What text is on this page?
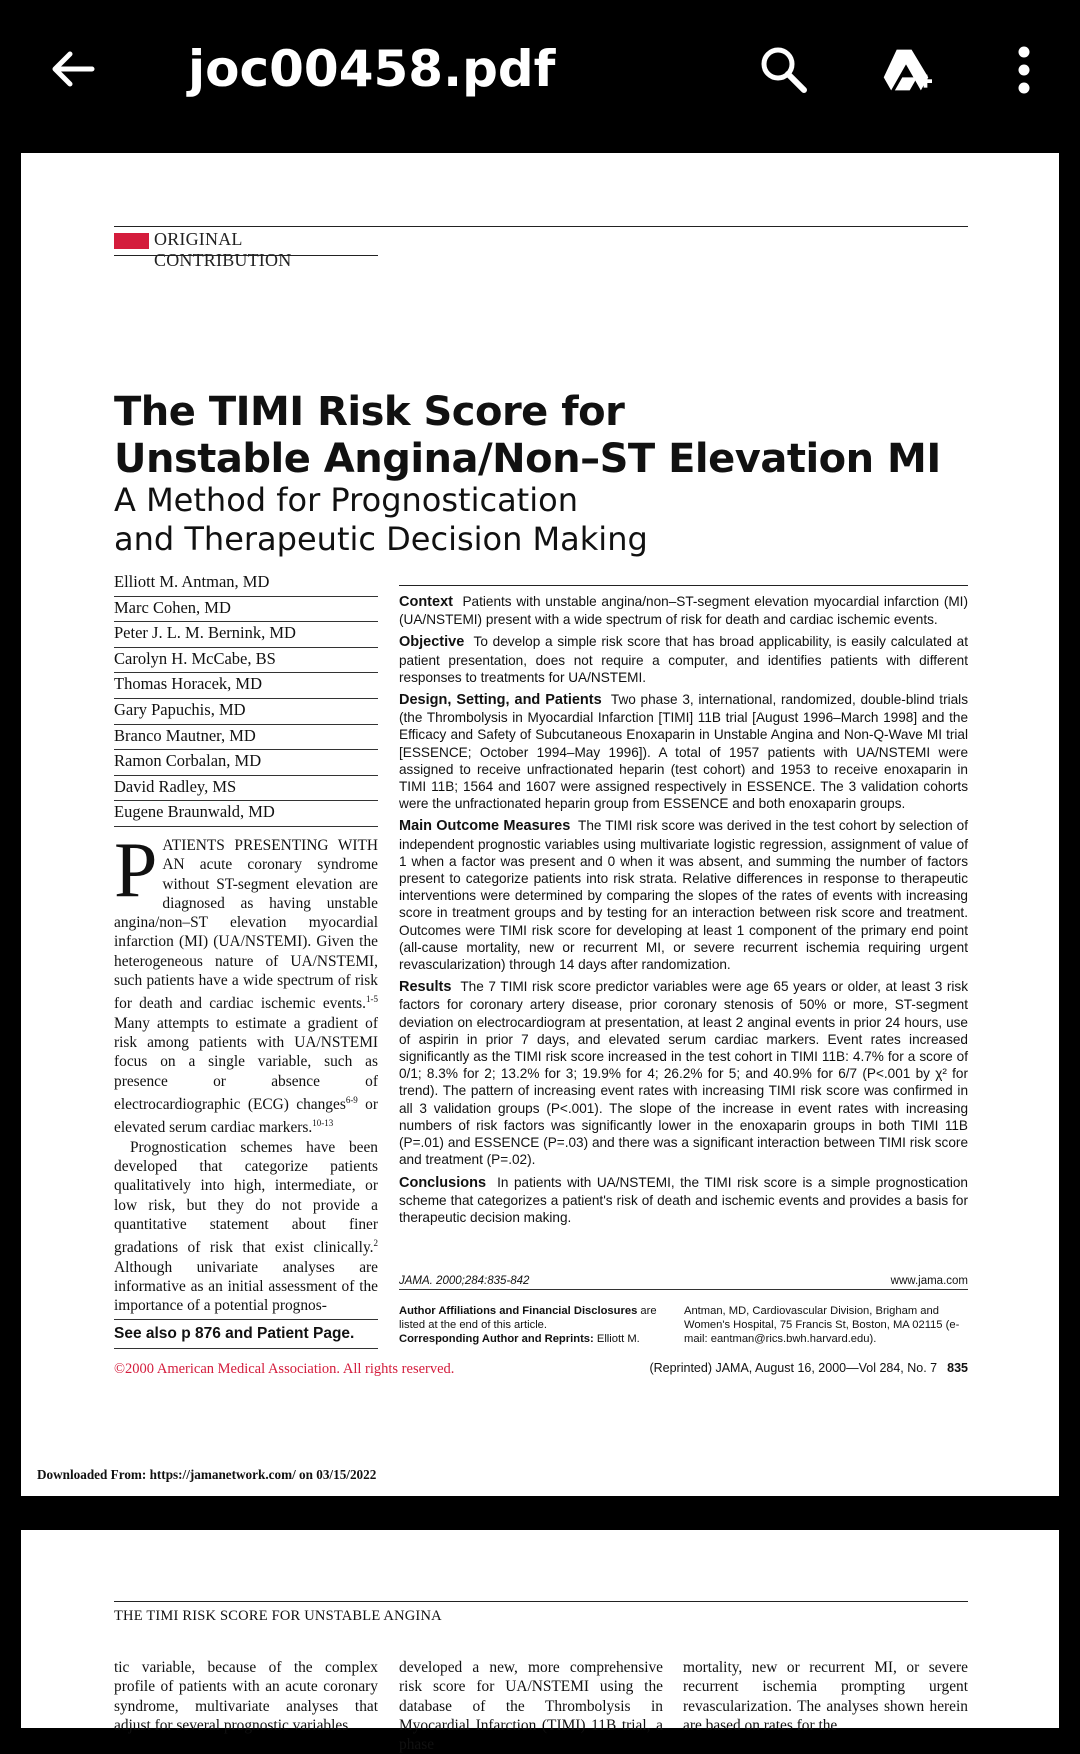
joc00458.pdf
ORIGINAL CONTRIBUTION
The TIMI Risk Score for
Unstable Angina/Non–ST Elevation MI
A Method for Prognostication
and Therapeutic Decision Making
Elliott M. Antman, MD
Marc Cohen, MD
Peter J. L. M. Bernink, MD
Carolyn H. McCabe, BS
Thomas Horacek, MD
Gary Papuchis, MD
Branco Mautner, MD
Ramon Corbalan, MD
David Radley, MS
Eugene Braunwald, MD

PATIENTS PRESENTING WITH AN acute coronary syndrome without ST-segment elevation are diagnosed as having unstable angina/non–ST elevation myocardial infarction (MI) (UA/NSTEMI). Given the heterogeneous nature of UA/NSTEMI, such patients have a wide spectrum of risk for death and cardiac ischemic events.$^{1-5}$ Many attempts to estimate a gradient of risk among patients with UA/NSTEMI focus on a single variable, such as presence or absence of electrocardiographic (ECG) changes$^{6-9}$ or elevated serum cardiac markers.$^{10-13}$

Prognostication schemes have been developed that categorize patients qualitatively into high, intermediate, or low risk, but they do not provide a quantitative statement about finer gradations of risk that exist clinically.$^2$ Although univariate analyses are informative as an initial assessment of the importance of a potential prognos-

See also p 876 and Patient Page.

Context Patients with unstable angina/non–ST-segment elevation myocardial infarction (MI) (UA/NSTEMI) present with a wide spectrum of risk for death and cardiac ischemic events.

Objective To develop a simple risk score that has broad applicability, is easily calculated at patient presentation, does not require a computer, and identifies patients with different responses to treatments for UA/NSTEMI.

Design, Setting, and Patients Two phase 3, international, randomized, double-blind trials (the Thrombolysis in Myocardial Infarction [TIMI] 11B trial [August 1996–March 1998] and the Efficacy and Safety of Subcutaneous Enoxaparin in Unstable Angina and Non-Q-Wave MI trial [ESSENCE; October 1994–May 1996]). A total of 1957 patients with UA/NSTEMI were assigned to receive unfractionated heparin (test cohort) and 1953 to receive enoxaparin in TIMI 11B; 1564 and 1607 were assigned respectively in ESSENCE. The 3 validation cohorts were the unfractionated heparin group from ESSENCE and both enoxaparin groups.

Main Outcome Measures The TIMI risk score was derived in the test cohort by selection of independent prognostic variables using multivariate logistic regression, assignment of value of 1 when a factor was present and 0 when it was absent, and summing the number of factors present to categorize patients into risk strata. Relative differences in response to therapeutic interventions were determined by comparing the slopes of the rates of events with increasing score in treatment groups and by testing for an interaction between risk score and treatment. Outcomes were TIMI risk score for developing at least 1 component of the primary end point (all-cause mortality, new or recurrent MI, or severe recurrent ischemia requiring urgent revascularization) through 14 days after randomization.

Results The 7 TIMI risk score predictor variables were age 65 years or older, at least 3 risk factors for coronary artery disease, prior coronary stenosis of 50% or more, ST-segment deviation on electrocardiogram at presentation, at least 2 anginal events in prior 24 hours, use of aspirin in prior 7 days, and elevated serum cardiac markers. Event rates increased significantly as the TIMI risk score increased in the test cohort in TIMI 11B: 4.7% for a score of 0/1; 8.3% for 2; 13.2% for 3; 19.9% for 4; 26.2% for 5; and 40.9% for 6/7 (P<.001 by χ² for trend). The pattern of increasing event rates with increasing TIMI risk score was confirmed in all 3 validation groups (P<.001). The slope of the increase in event rates with increasing numbers of risk factors was significantly lower in the enoxaparin groups in both TIMI 11B (P=.01) and ESSENCE (P=.03) and there was a significant interaction between TIMI risk score and treatment (P=.02).

Conclusions In patients with UA/NSTEMI, the TIMI risk score is a simple prognostication scheme that categorizes a patient's risk of death and ischemic events and provides a basis for therapeutic decision making.

JAMA. 2000;284:835-842	www.jama.com
Author Affiliations and Financial Disclosures are listed at the end of this article.
Corresponding Author and Reprints: Elliott M.
Antman, MD, Cardiovascular Division, Brigham and Women's Hospital, 75 Francis St, Boston, MA 02115 (e-mail: eantman@rics.bwh.harvard.edu).
©2000 American Medical Association. All rights reserved.	(Reprinted) JAMA, August 16, 2000—Vol 284, No. 7 835
Downloaded From: https://jamanetwork.com/ on 03/15/2022
THE TIMI RISK SCORE FOR UNSTABLE ANGINA
tic variable, because of the complex profile of patients with an acute coronary syndrome, multivariate analyses that adjust for several prognostic variables
developed a new, more comprehensive risk score for UA/NSTEMI using the database of the Thrombolysis in Myocardial Infarction (TIMI) 11B trial, a phase
mortality, new or recurrent MI, or severe recurrent ischemia prompting urgent revascularization. The analyses shown herein are based on rates for the
